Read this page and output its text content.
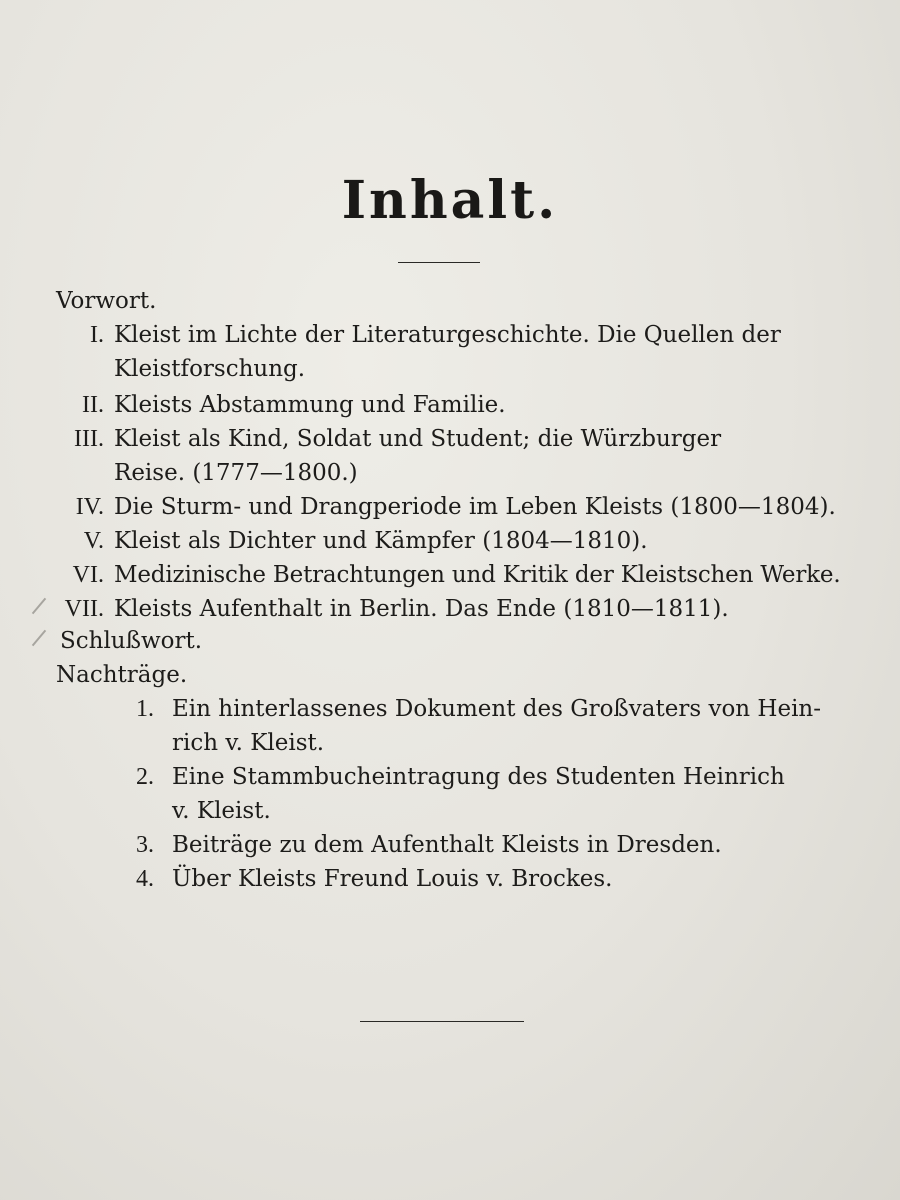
Inhalt.
Vorwort.
I. Kleist im Lichte der Literaturgeschichte. Die Quellen der
Kleistforschung.
II. Kleists Abstammung und Familie.
III. Kleist als Kind, Soldat und Student; die Würzburger
Reise. (1777—1800.)
IV. Die Sturm- und Drangperiode im Leben Kleists (1800—1804).
V. Kleist als Dichter und Kämpfer (1804—1810).
VI. Medizinische Betrachtungen und Kritik der Kleistschen Werke.
VII. Kleists Aufenthalt in Berlin. Das Ende (1810—1811).
Schlußwort.
Nachträge.
1. Ein hinterlassenes Dokument des Großvaters von Hein-
rich v. Kleist.
2. Eine Stammbucheintragung des Studenten Heinrich
v. Kleist.
3. Beiträge zu dem Aufenthalt Kleists in Dresden.
4. Über Kleists Freund Louis v. Brockes.
